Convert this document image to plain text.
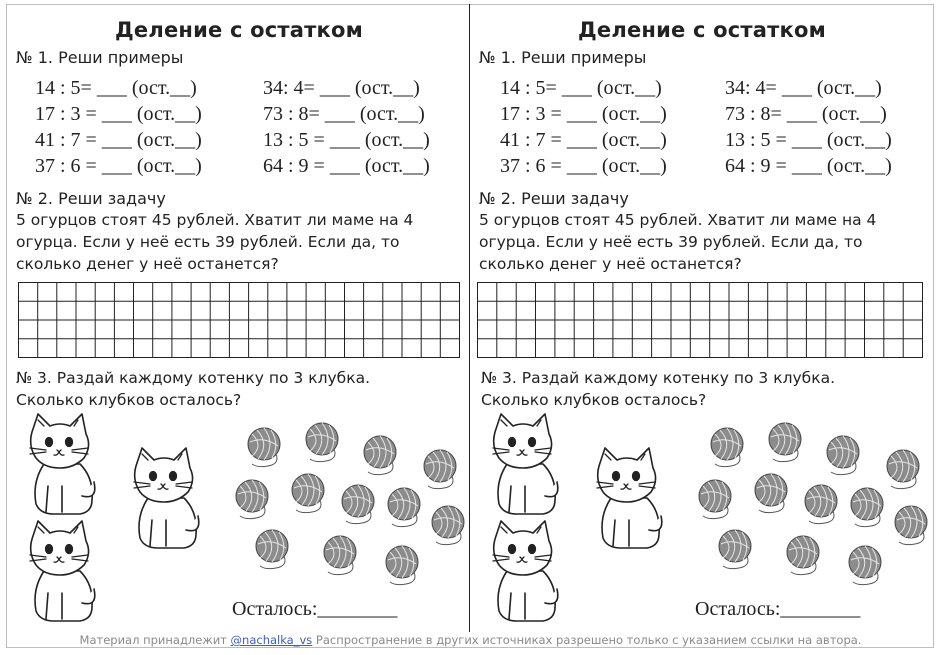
Деление с остатком
№ 1. Реши примеры
14 : 5= ___ (ост.__)
17 : 3 = ___ (ост.__)
41 : 7 = ___ (ост.__)
37 : 6 = ___ (ост.__)
34: 4= ___ (ост.__)
73 : 8= ___ (ост.__)
13 : 5 = ___ (ост.__)
64 : 9 = ___ (ост.__)
№ 2. Реши задачу
5 огурцов стоят 45 рублей. Хватит ли маме на 4
огурца. Если у неё есть 39 рублей. Если да, то
сколько денег у неё останется?
№ 3. Раздай каждому котенку по 3 клубка.
Сколько клубков осталось?
Осталось:________
Деление с остатком
№ 1. Реши примеры
14 : 5= ___ (ост.__)
17 : 3 = ___ (ост.__)
41 : 7 = ___ (ост.__)
37 : 6 = ___ (ост.__)
34: 4= ___ (ост.__)
73 : 8= ___ (ост.__)
13 : 5 = ___ (ост.__)
64 : 9 = ___ (ост.__)
№ 2. Реши задачу
5 огурцов стоят 45 рублей. Хватит ли маме на 4
огурца. Если у неё есть 39 рублей. Если да, то
сколько денег у неё останется?
№ 3. Раздай каждому котенку по 3 клубка.
Сколько клубков осталось?
Осталось:________
Материал принадлежит @nachalka_vs Распространение в других источниках разрешено только с указанием ссылки на автора.
